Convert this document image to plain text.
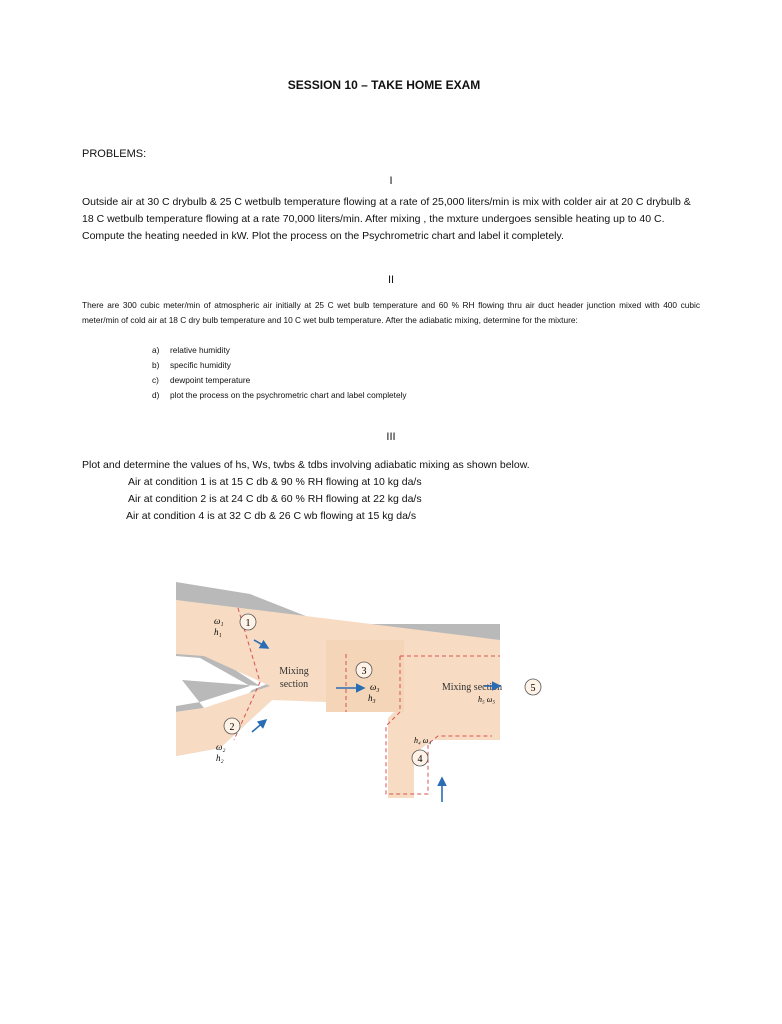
SESSION 10 – TAKE HOME EXAM
PROBLEMS:
I
Outside air at 30 C drybulb & 25 C wetbulb temperature flowing at a rate of 25,000 liters/min is mix with colder air at 20 C drybulb & 18 C wetbulb temperature flowing at a rate 70,000 liters/min. After mixing , the mxture undergoes sensible heating up to 40 C. Compute the heating needed in kW. Plot the process on the Psychrometric chart and label it completely.
II
There are 300 cubic meter/min of atmospheric air initially at 25 C wet bulb temperature and 60 % RH flowing thru air duct header junction mixed with 400 cubic meter/min of cold air at 18 C dry bulb temperature and 10 C wet bulb temperature. After the adiabatic mixing, determine for the mixture:
a)	relative humidity
b)	specific humidity
c)	dewpoint temperature
d)	plot the process on the psychrometric chart and label completely
III
Plot and determine the values of hs, Ws, twbs & tdbs involving adiabatic mixing as shown below.
Air at condition 1 is at 15 C db & 90 % RH flowing at 10 kg da/s
Air at condition 2 is at 24 C db & 60 % RH flowing at 22 kg da/s
Air at condition 4 is at 32 C db & 26 C wb flowing at 15 kg da/s
1
2
3
5
4
ω₁
h₁
ω₂
h₂
ω₃
h₃
h₄ ω₄
h₅ ω₅
Mixing
section	Mixing section
